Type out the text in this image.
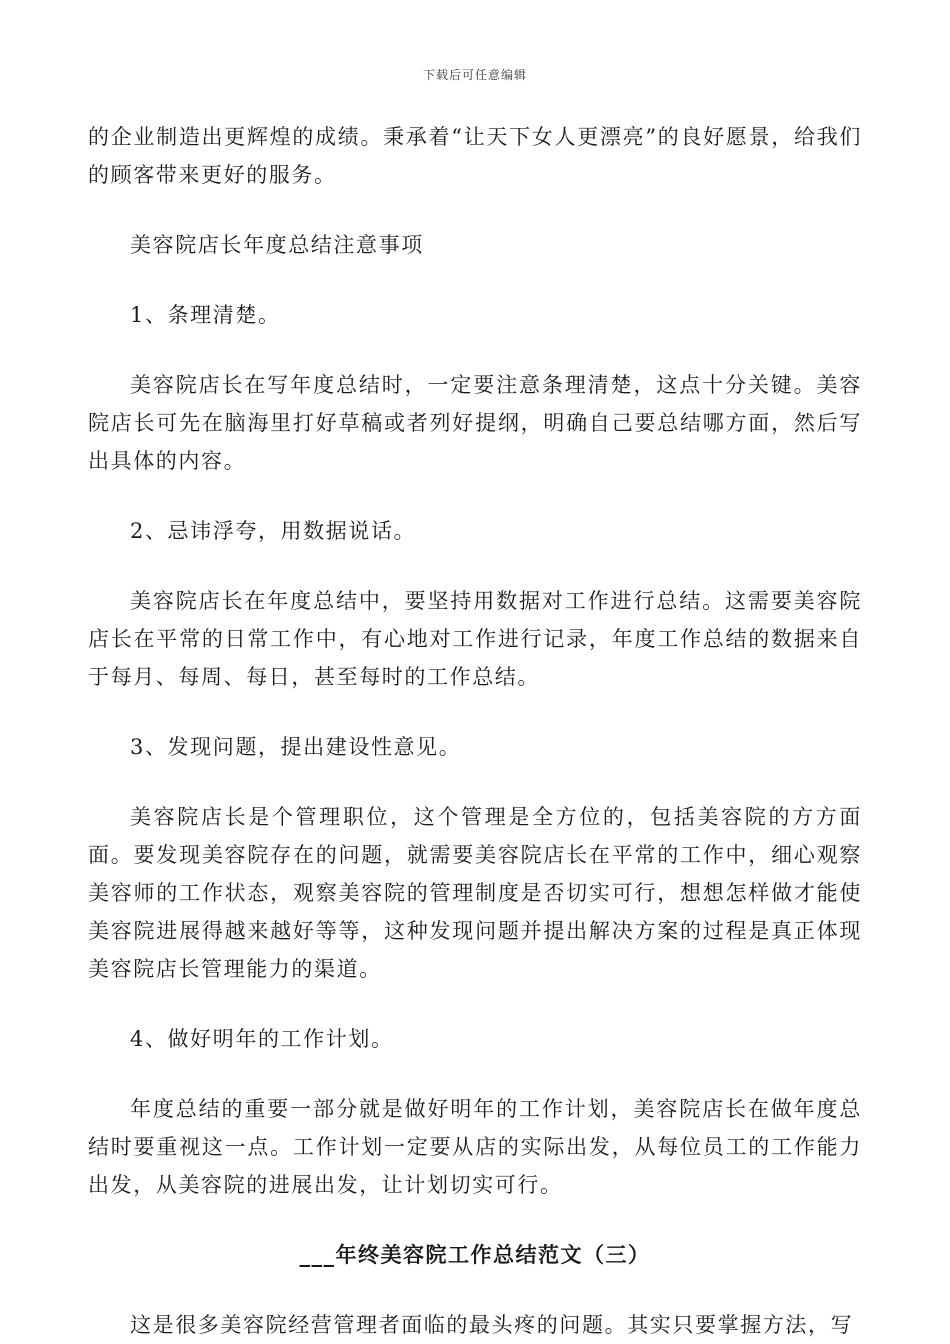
下载后可任意编辑

的企业制造出更辉煌的成绩。秉承着“让天下女人更漂亮”的良好愿景，给我们的顾客带来更好的服务。

美容院店长年度总结注意事项

1、条理清楚。

美容院店长在写年度总结时，一定要注意条理清楚，这点十分关键。美容院店长可先在脑海里打好草稿或者列好提纲，明确自己要总结哪方面，然后写出具体的内容。

2、忌讳浮夸，用数据说话。

美容院店长在年度总结中，要坚持用数据对工作进行总结。这需要美容院店长在平常的日常工作中，有心地对工作进行记录，年度工作总结的数据来自于每月、每周、每日，甚至每时的工作总结。

3、发现问题，提出建设性意见。

美容院店长是个管理职位，这个管理是全方位的，包括美容院的方方面面。要发现美容院存在的问题，就需要美容院店长在平常的工作中，细心观察美容师的工作状态，观察美容院的管理制度是否切实可行，想想怎样做才能使美容院进展得越来越好等等，这种发现问题并提出解决方案的过程是真正体现美容院店长管理能力的渠道。

4、做好明年的工作计划。

年度总结的重要一部分就是做好明年的工作计划，美容院店长在做年度总结时要重视这一点。工作计划一定要从店的实际出发，从每位员工的工作能力出发，从美容院的进展出发，让计划切实可行。

___年终美容院工作总结范文（三）

这是很多美容院经营管理者面临的最头疼的问题。其实只要掌握方法，写
